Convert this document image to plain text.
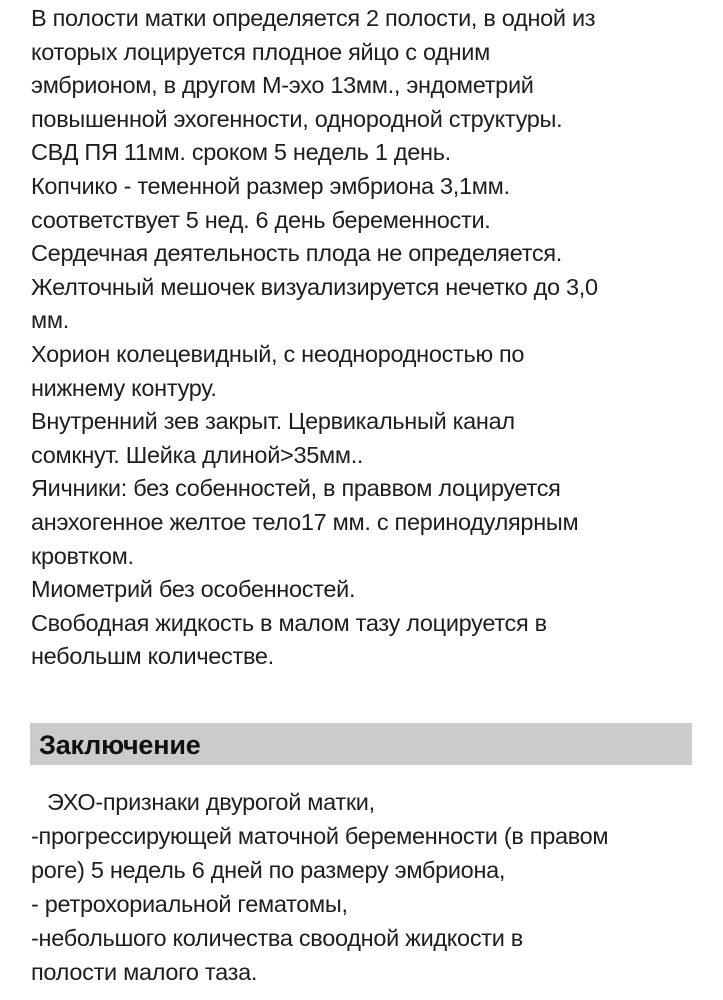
В полости матки определяется 2 полости, в одной из
которых лоцируется плодное яйцо с одним
эмбрионом, в другом М-эхо 13мм., эндометрий
повышенной эхогенности, однородной структуры.
СВД ПЯ 11мм. сроком 5 недель 1 день.
Копчико - теменной размер эмбриона 3,1мм.
соответствует 5 нед. 6 день беременности.
Сердечная деятельность плода не определяется.
Желточный мешочек визуализируется нечетко до 3,0
мм.
Хорион колецевидный, с неоднородностью по
нижнему контуру.
Внутренний зев закрыт. Цервикальный канал
сомкнут. Шейка длиной>35мм..
Яичники: без собенностей, в праввом лоцируется
анэхогенное желтое тело17 мм. с перинодулярным
кровтком.
Миометрий без особенностей.
Свободная жидкость в малом тазу лоцируется в
небольшм количестве.
Заключение
ЭХО-признаки двурогой матки,
-прогрессирующей маточной беременности (в правом
роге) 5 недель 6 дней по размеру эмбриона,
- ретрохориальной гематомы,
-небольшого количества своодной жидкости в
полости малого таза.
